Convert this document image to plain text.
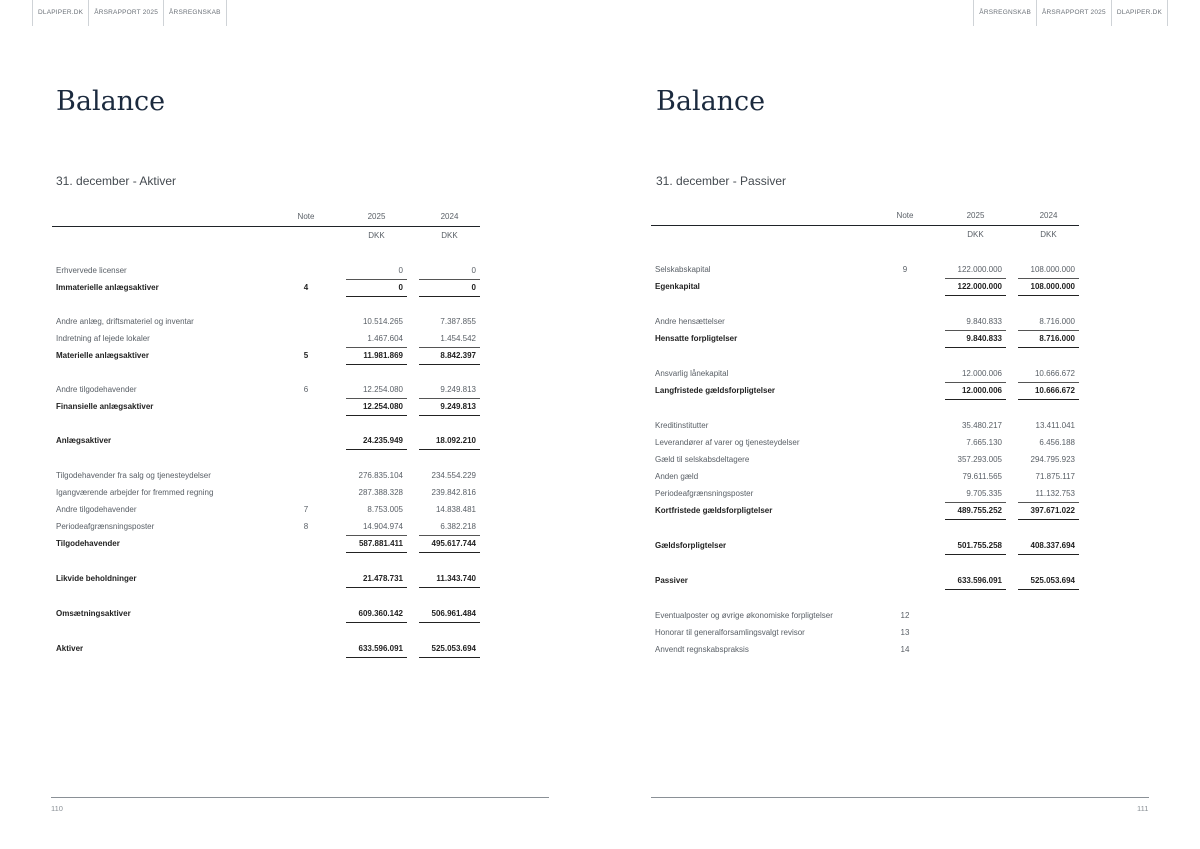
DLAPIPER.DK	ÅRSRAPPORT 2025	ÅRSREGNSKAB	ÅRSREGNSKAB	ÅRSRAPPORT 2025	DLAPIPER.DK
Balance
31. december - Aktiver
	Note	2025		2024
		DKK		DKK

Erhvervede licenser		0		0
Immaterielle anlægsaktiver	4	0		0

Andre anlæg, driftsmateriel og inventar		10.514.265		7.387.855
Indretning af lejede lokaler		1.467.604		1.454.542
Materielle anlægsaktiver	5	11.981.869		8.842.397

Andre tilgodehavender	6	12.254.080		9.249.813
Finansielle anlægsaktiver		12.254.080		9.249.813

Anlægsaktiver		24.235.949		18.092.210

Tilgodehavender fra salg og tjenesteydelser		276.835.104		234.554.229
Igangværende arbejder for fremmed regning		287.388.328		239.842.816
Andre tilgodehavender	7	8.753.005		14.838.481
Periodeafgrænsningsposter	8	14.904.974		6.382.218
Tilgodehavender		587.881.411		495.617.744

Likvide beholdninger		21.478.731		11.343.740

Omsætningsaktiver		609.360.142		506.961.484

Aktiver		633.596.091		525.053.694
110
Balance
31. december - Passiver
	Note	2025		2024
		DKK		DKK

Selskabskapital	9	122.000.000		108.000.000
Egenkapital		122.000.000		108.000.000

Andre hensættelser		9.840.833		8.716.000
Hensatte forpligtelser		9.840.833		8.716.000

Ansvarlig lånekapital		12.000.006		10.666.672
Langfristede gældsforpligtelser		12.000.006		10.666.672

Kreditinstitutter		35.480.217		13.411.041
Leverandører af varer og tjenesteydelser		7.665.130		6.456.188
Gæld til selskabsdeltagere		357.293.005		294.795.923
Anden gæld		79.611.565		71.875.117
Periodeafgrænsningsposter		9.705.335		11.132.753
Kortfristede gældsforpligtelser		489.755.252		397.671.022

Gældsforpligtelser		501.755.258		408.337.694

Passiver		633.596.091		525.053.694

Eventualposter og øvrige økonomiske forpligtelser	12			
Honorar til generalforsamlingsvalgt revisor	13			
Anvendt regnskabspraksis	14			
111
